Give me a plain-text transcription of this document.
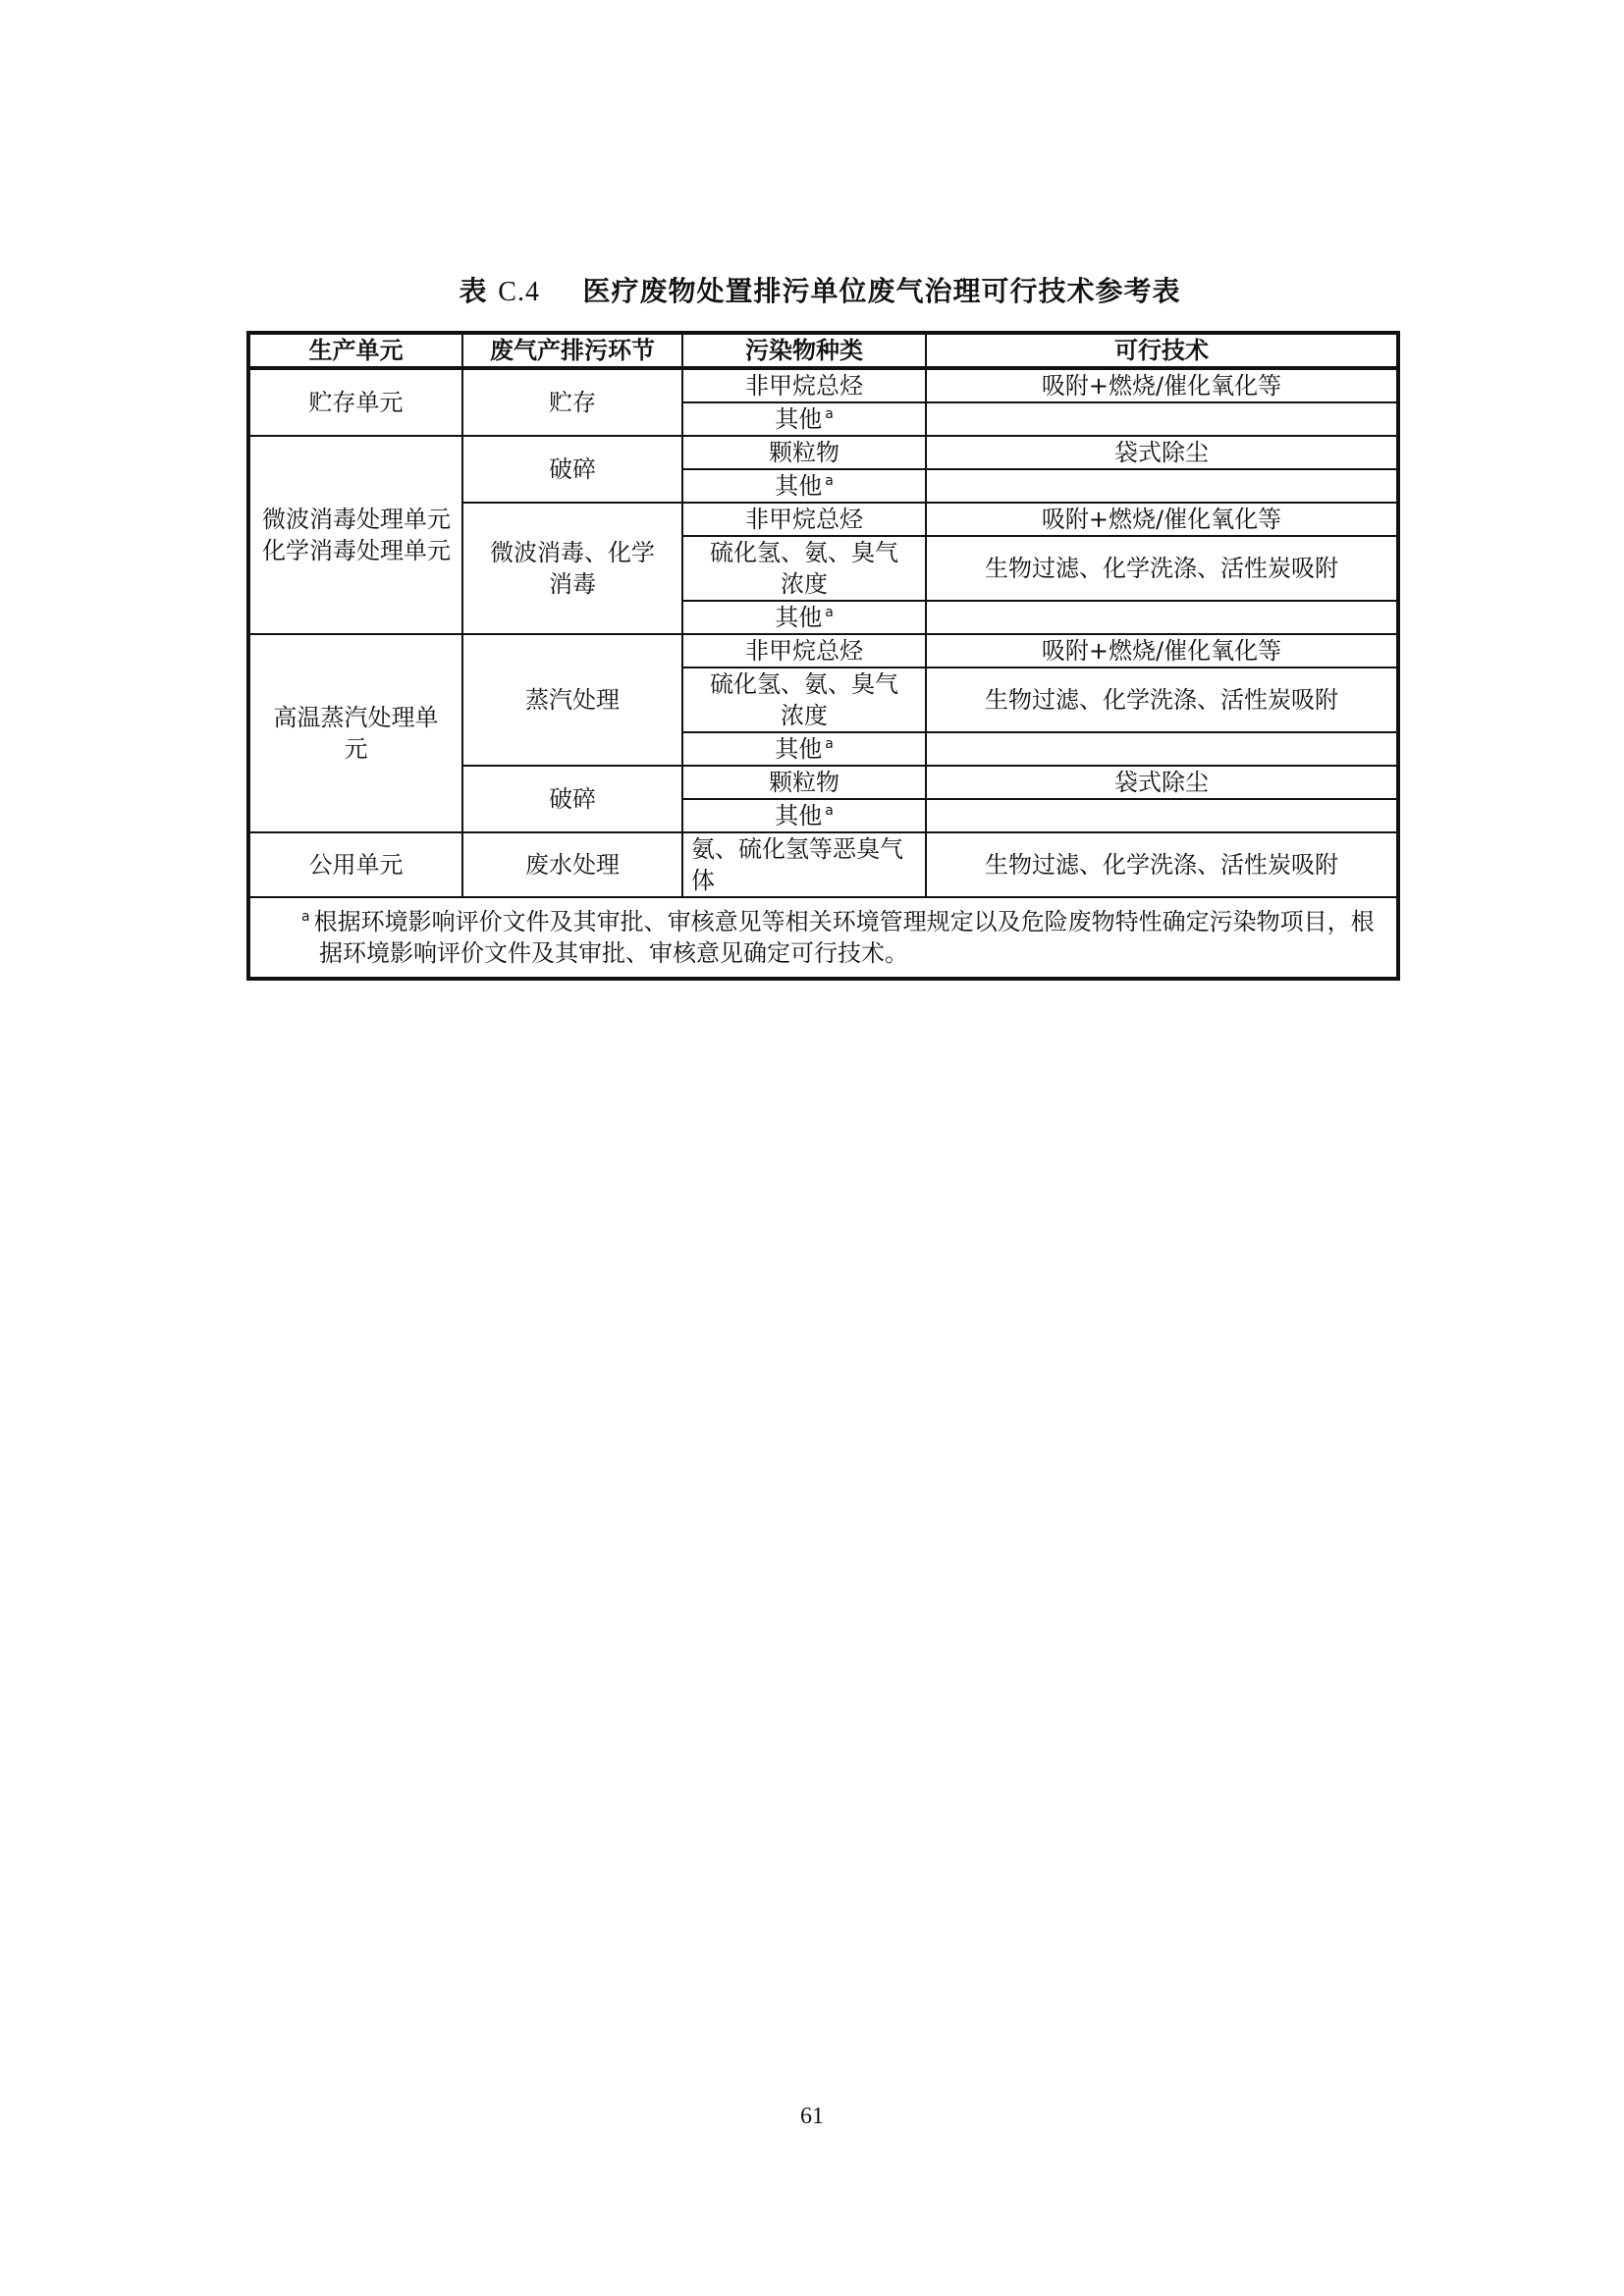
表 C.4 医疗废物处置排污单位废气治理可行技术参考表
生产单元	废气产排污环节	污染物种类	可行技术
贮存单元	贮存	非甲烷总烃	吸附+燃烧/催化氧化等
		其他 $^a$	
微波消毒处理单元
化学消毒处理单元	破碎	颗粒物	袋式除尘
		其他 $^a$	
	微波消毒、化学消毒	非甲烷总烃	吸附+燃烧/催化氧化等
		硫化氢、氨、臭气浓度	生物过滤、化学洗涤、活性炭吸附
		其他 $^a$	
高温蒸汽处理单元	蒸汽处理	非甲烷总烃	吸附+燃烧/催化氧化等
		硫化氢、氨、臭气浓度	生物过滤、化学洗涤、活性炭吸附
		其他 $^a$	
	破碎	颗粒物	袋式除尘
		其他 $^a$	
公用单元	废水处理	氨、硫化氢等恶臭气体	生物过滤、化学洗涤、活性炭吸附
$^a$ 根据环境影响评价文件及其审批、审核意见等相关环境管理规定以及危险废物特性确定污染物项目，根据环境影响评价文件及其审批、审核意见确定可行技术。			
61
